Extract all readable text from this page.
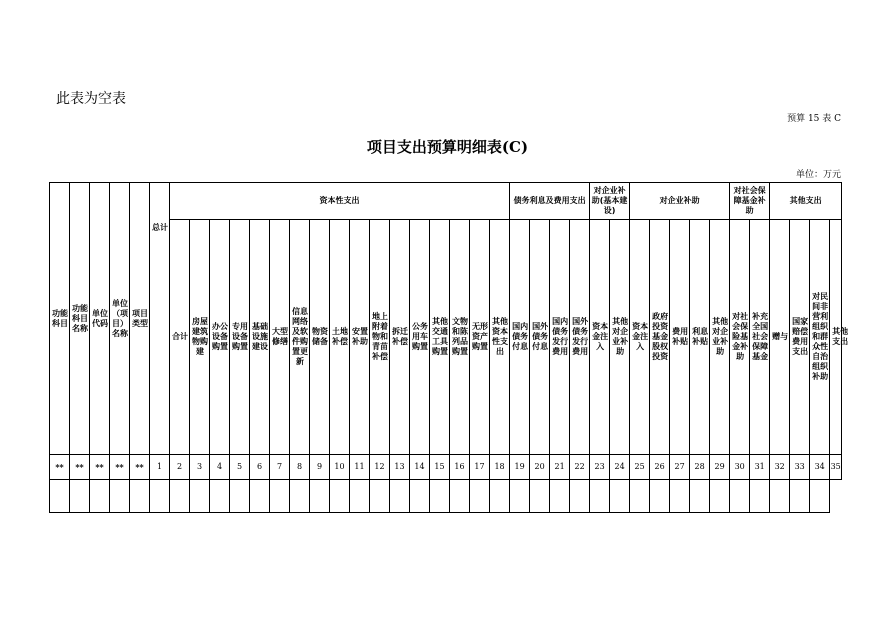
此表为空表
预算 15 表 C
项目支出预算明细表(C)
单位：万元
功能科目	功能科目名称	单位代码	单位（项目）名称	项目类型	总计	资本性支出																	债务利息及费用支出				对企业补助(基本建设)		对企业补助					对社会保障基金补助		其他支出				
						合计	房屋建筑物购建	办公设备购置	专用设备购置	基础设施建设	大型修缮	信息网络及软件购置更新	物资储备	土地补偿	安置补助	地上附着物和青苗补偿	拆迁补偿	公务用车购置	其他交通工具购置	文物和陈列品购置	无形资产购置	其他资本性支出	国内债务付息	国外债务付息	国内债务发行费用	国外债务发行费用	资本金注入	其他对企业补助	资本金注入	政府投资基金股权投资	费用补贴	利息补贴	其他对企业补助	对社会保险基金补助	补充全国社会保障基金	赠与	国家赔偿费用支出	对民间非营利组织和群众性自治组织补助	其他支出	
**	**	**	**	**	1	2	3	4	5	6	7	8	9	10	11	12	13	14	15	16	17	18	19	20	21	22	23	24	25	26	27	28	29	30	31	32	33	34	35	
